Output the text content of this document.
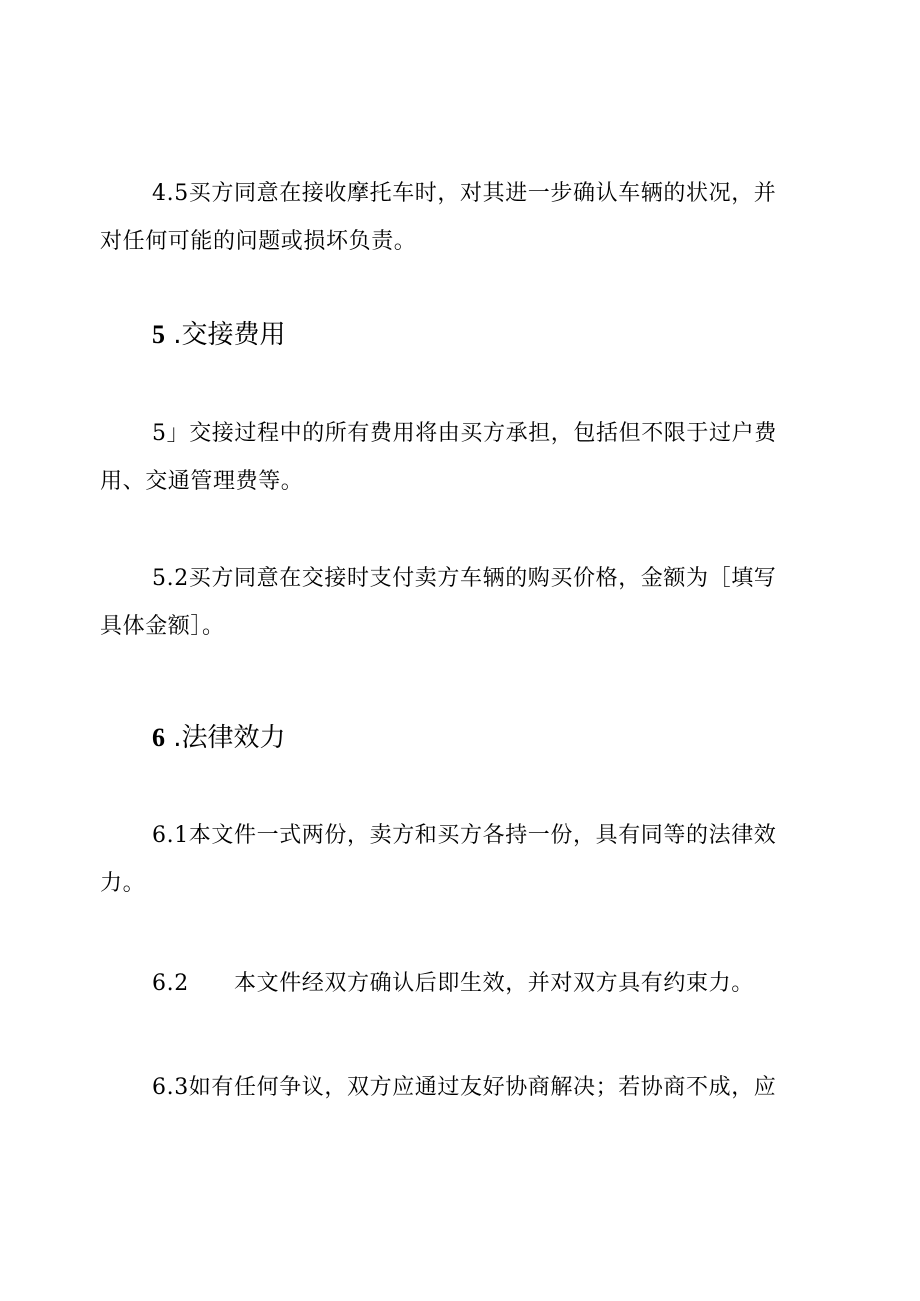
4.5买方同意在接收摩托车时，对其进一步确认车辆的状况，并
对任何可能的问题或损坏负责。

5 .交接费用

5」交接过程中的所有费用将由买方承担，包括但不限于过户费
用、交通管理费等。

5.2买方同意在交接时支付卖方车辆的购买价格，金额为［填写
具体金额］。

6 .法律效力

6.1本文件一式两份，卖方和买方各持一份，具有同等的法律效
力。

6.2 本文件经双方确认后即生效，并对双方具有约束力。

6.3如有任何争议，双方应通过友好协商解决；若协商不成，应
